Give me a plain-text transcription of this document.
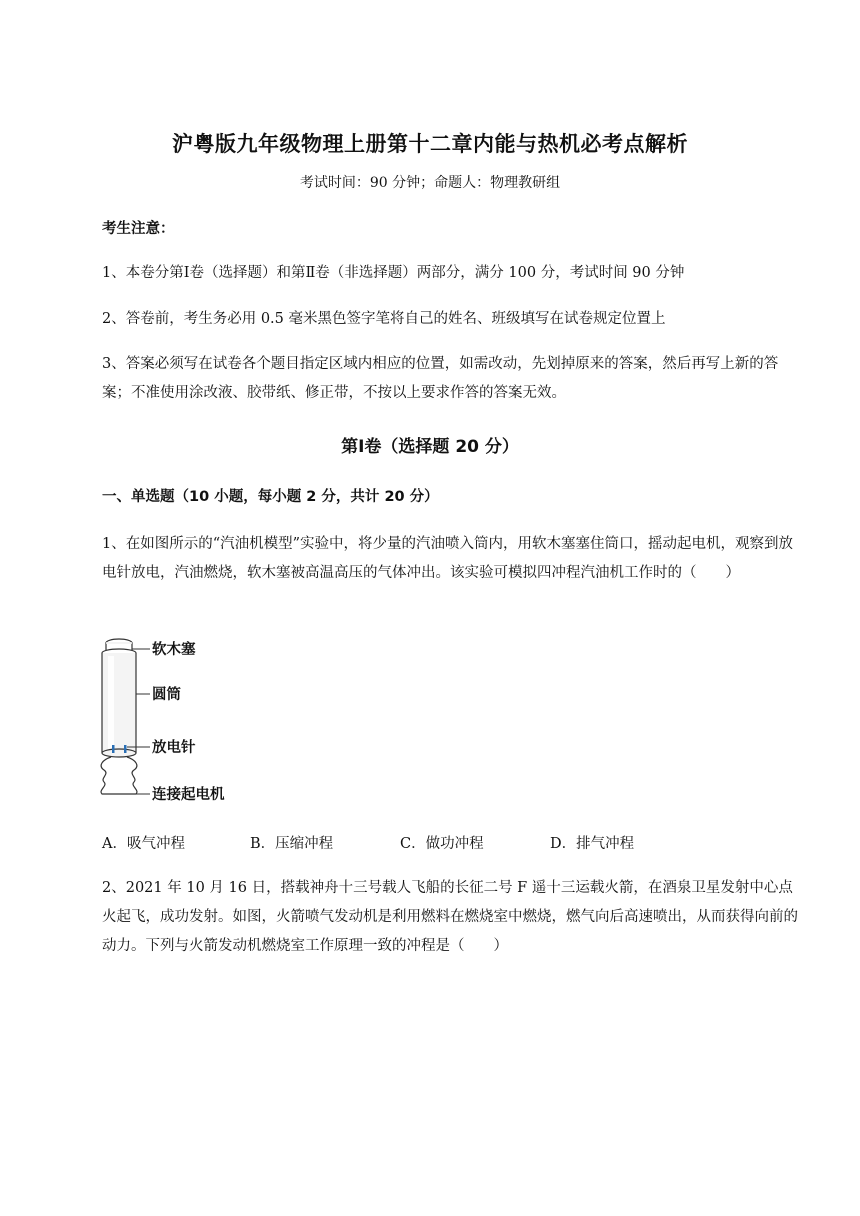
沪粤版九年级物理上册第十二章内能与热机必考点解析
考试时间：90 分钟；命题人：物理教研组

考生注意：

1、本卷分第Ⅰ卷（选择题）和第Ⅱ卷（非选择题）两部分，满分 100 分，考试时间 90 分钟

2、答卷前，考生务必用 0.5 毫米黑色签字笔将自己的姓名、班级填写在试卷规定位置上

3、答案必须写在试卷各个题目指定区域内相应的位置，如需改动，先划掉原来的答案，然后再写上新的答案；不准使用涂改液、胶带纸、修正带，不按以上要求作答的答案无效。

第Ⅰ卷（选择题 20 分）

一、单选题（10 小题，每小题 2 分，共计 20 分）

1、在如图所示的“汽油机模型”实验中，将少量的汽油喷入筒内，用软木塞塞住筒口，摇动起电机，观察到放电针放电，汽油燃烧，软木塞被高温高压的气体冲出。该实验可模拟四冲程汽油机工作时的（　　）

软木塞
圆筒
放电针
连接起电机
A．吸气冲程	B．压缩冲程	C．做功冲程	D．排气冲程

2、2021 年 10 月 16 日，搭载神舟十三号载人飞船的长征二号 F 遥十三运载火箭，在酒泉卫星发射中心点火起飞，成功发射。如图，火箭喷气发动机是利用燃料在燃烧室中燃烧，燃气向后高速喷出，从而获得向前的动力。下列与火箭发动机燃烧室工作原理一致的冲程是（　　）
